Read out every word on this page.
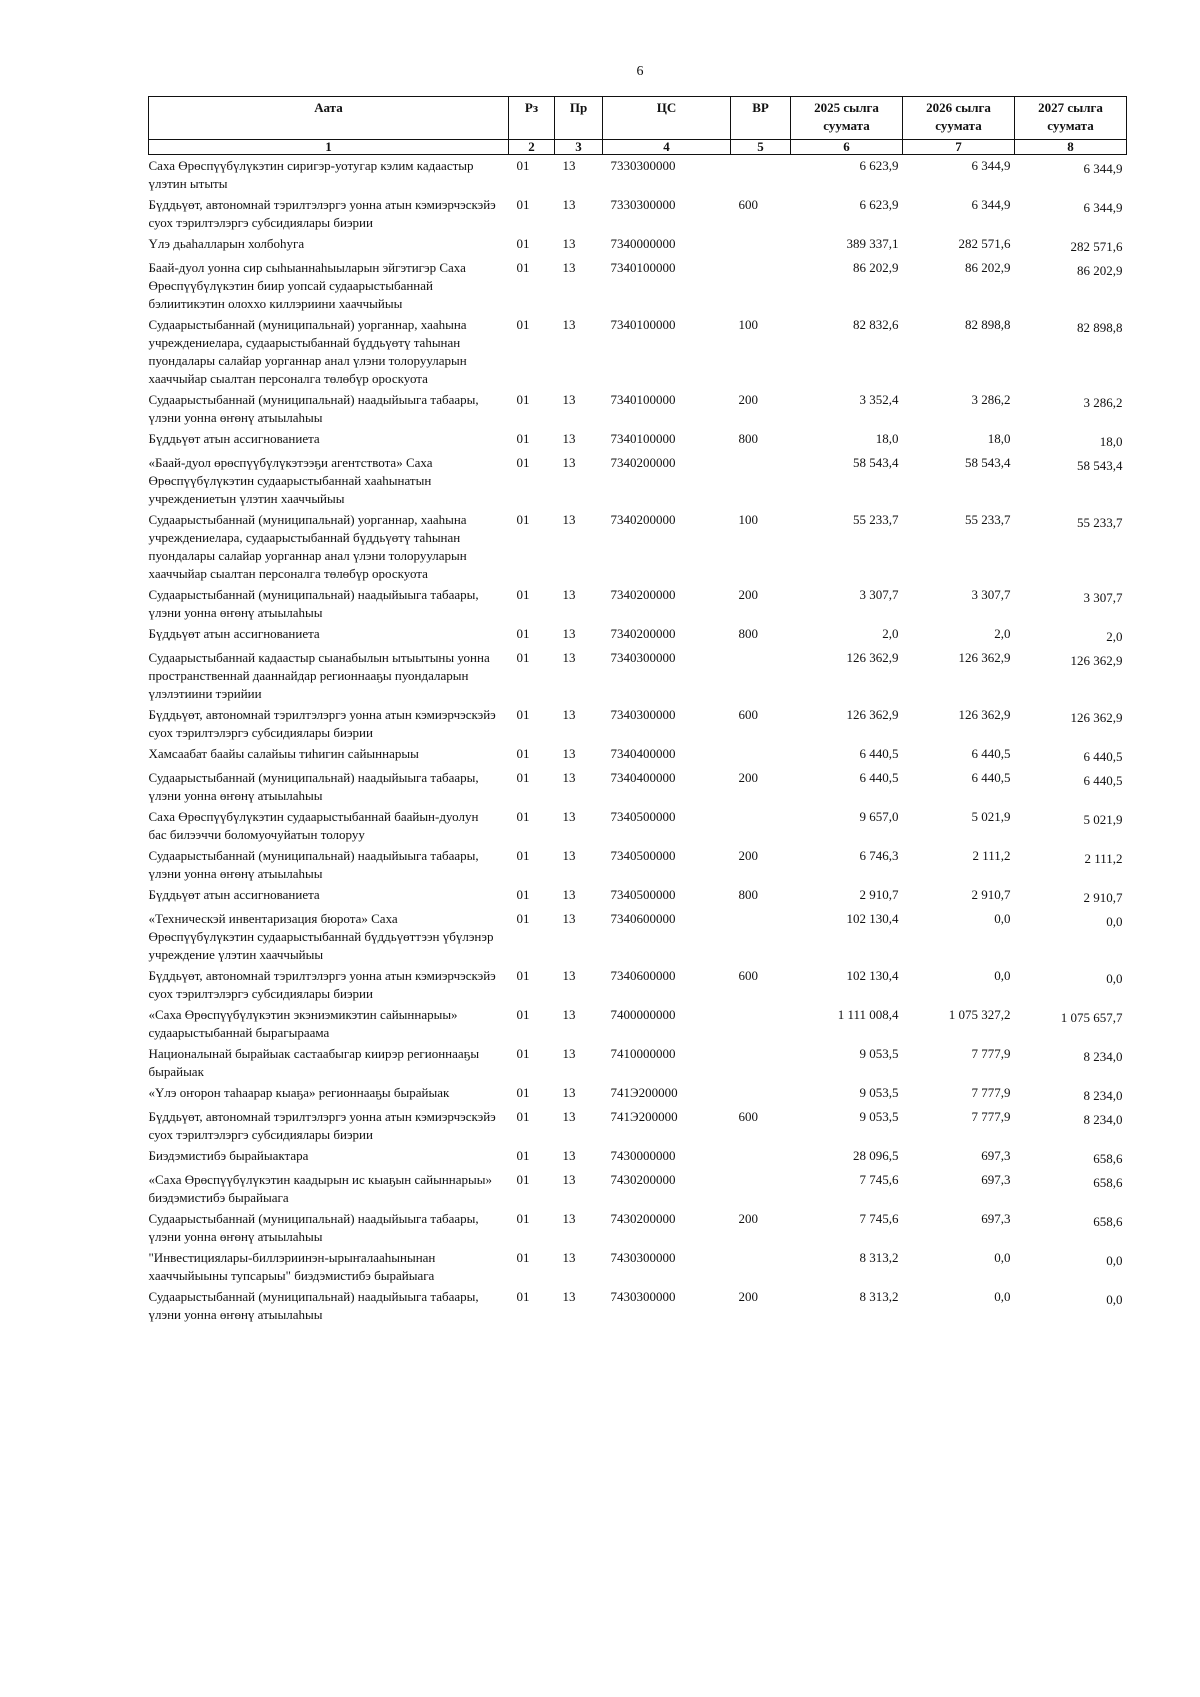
6
Аата	Рз	Пр	ЦС	ВР	2025 сылга суумата	2026 сылга суумата	2027 сылга суумата
1	2	3	4	5	6	7	8
Саха Өрөспүүбүлүкэтин сиригэр-уотугар кэлим кадаастыр үлэтин ытыты	01	13	7330300000		6 623,9	6 344,9	6 344,9
Бүддьүөт, автономнай тэрилтэлэргэ уонна атын кэмиэрчэскэйэ суох тэрилтэлэргэ субсидиялары биэрии	01	13	7330300000	600	6 623,9	6 344,9	6 344,9
Үлэ дьаһалларын холбоһуга	01	13	7340000000		389 337,1	282 571,6	282 571,6
Баай-дуол уонна сир сыһыаннаһыыларын эйгэтигэр Саха Өрөспүүбүлүкэтин биир уопсай судаарыстыбаннай бэлиитикэтин олоххо киллэриини хааччыйыы	01	13	7340100000		86 202,9	86 202,9	86 202,9
Судаарыстыбаннай (муниципальнай) уорганнар, хааһына учреждениелара, судаарыстыбаннай бүддьүөтү таһынан пуондалары салайар уорганнар анал үлэни толорууларын хааччыйар сыалтан персоналга төлөбүр ороскуота	01	13	7340100000	100	82 832,6	82 898,8	82 898,8
Судаарыстыбаннай (муниципальнай) наадыйыыга табаары, үлэни уонна өҥөнү атыылаһыы	01	13	7340100000	200	3 352,4	3 286,2	3 286,2
Бүддьүөт атын ассигнованиета	01	13	7340100000	800	18,0	18,0	18,0
«Баай-дуол өрөспүүбүлүкэтээҕи агентствота» Саха Өрөспүүбүлүкэтин судаарыстыбаннай хааһынатын учреждениетын үлэтин хааччыйыы	01	13	7340200000		58 543,4	58 543,4	58 543,4
Судаарыстыбаннай (муниципальнай) уорганнар, хааһына учреждениелара, судаарыстыбаннай бүддьүөтү таһынан пуондалары салайар уорганнар анал үлэни толорууларын хааччыйар сыалтан персоналга төлөбүр ороскуота	01	13	7340200000	100	55 233,7	55 233,7	55 233,7
Судаарыстыбаннай (муниципальнай) наадыйыыга табаары, үлэни уонна өҥөнү атыылаһыы	01	13	7340200000	200	3 307,7	3 307,7	3 307,7
Бүддьүөт атын ассигнованиета	01	13	7340200000	800	2,0	2,0	2,0
Судаарыстыбаннай кадаастыр сыанабылын ытыытыны уонна пространственнай дааннайдар регионнааҕы пуондаларын үлэлэтиини тэрийии	01	13	7340300000		126 362,9	126 362,9	126 362,9
Бүддьүөт, автономнай тэрилтэлэргэ уонна атын кэмиэрчэскэйэ суох тэрилтэлэргэ субсидиялары биэрии	01	13	7340300000	600	126 362,9	126 362,9	126 362,9
Хамсаабат баайы салайыы тиһигин сайыннарыы	01	13	7340400000		6 440,5	6 440,5	6 440,5
Судаарыстыбаннай (муниципальнай) наадыйыыга табаары, үлэни уонна өҥөнү атыылаһыы	01	13	7340400000	200	6 440,5	6 440,5	6 440,5
Саха Өрөспүүбүлүкэтин судаарыстыбаннай баайын-дуолун бас билээччи боломуочуйатын толоруу	01	13	7340500000		9 657,0	5 021,9	5 021,9
Судаарыстыбаннай (муниципальнай) наадыйыыга табаары, үлэни уонна өҥөнү атыылаһыы	01	13	7340500000	200	6 746,3	2 111,2	2 111,2
Бүддьүөт атын ассигнованиета	01	13	7340500000	800	2 910,7	2 910,7	2 910,7
«Техническэй инвентаризация бюрота» Саха Өрөспүүбүлүкэтин судаарыстыбаннай бүддьүөттээн үбүлэнэр учреждение үлэтин хааччыйыы	01	13	7340600000		102 130,4	0,0	0,0
Бүддьүөт, автономнай тэрилтэлэргэ уонна атын кэмиэрчэскэйэ суох тэрилтэлэргэ субсидиялары биэрии	01	13	7340600000	600	102 130,4	0,0	0,0
«Саха Өрөспүүбүлүкэтин экэниэмикэтин сайыннарыы» судаарыстыбаннай бырагыраама	01	13	7400000000		1 111 008,4	1 075 327,2	1 075 657,7
Националынай бырайыак састаабыгар киирэр регионнааҕы бырайыак	01	13	7410000000		9 053,5	7 777,9	8 234,0
«Үлэ оҥорон таһаарар кыаҕа» регионнааҕы бырайыак	01	13	741Э200000		9 053,5	7 777,9	8 234,0
Бүддьүөт, автономнай тэрилтэлэргэ уонна атын кэмиэрчэскэйэ суох тэрилтэлэргэ субсидиялары биэрии	01	13	741Э200000	600	9 053,5	7 777,9	8 234,0
Биэдэмистибэ бырайыактара	01	13	7430000000		28 096,5	697,3	658,6
«Саха Өрөспүүбүлүкэтин каадырын ис кыаҕын сайыннарыы» биэдэмистибэ бырайыага	01	13	7430200000		7 745,6	697,3	658,6
Судаарыстыбаннай (муниципальнай) наадыйыыга табаары, үлэни уонна өҥөнү атыылаһыы	01	13	7430200000	200	7 745,6	697,3	658,6
"Инвестициялары-биллэриинэн-ырыҥалааһынынан хааччыйыыны тупсарыы" биэдэмистибэ бырайыага	01	13	7430300000		8 313,2	0,0	0,0
Судаарыстыбаннай (муниципальнай) наадыйыыга табаары, үлэни уонна өҥөнү атыылаһыы	01	13	7430300000	200	8 313,2	0,0	0,0
